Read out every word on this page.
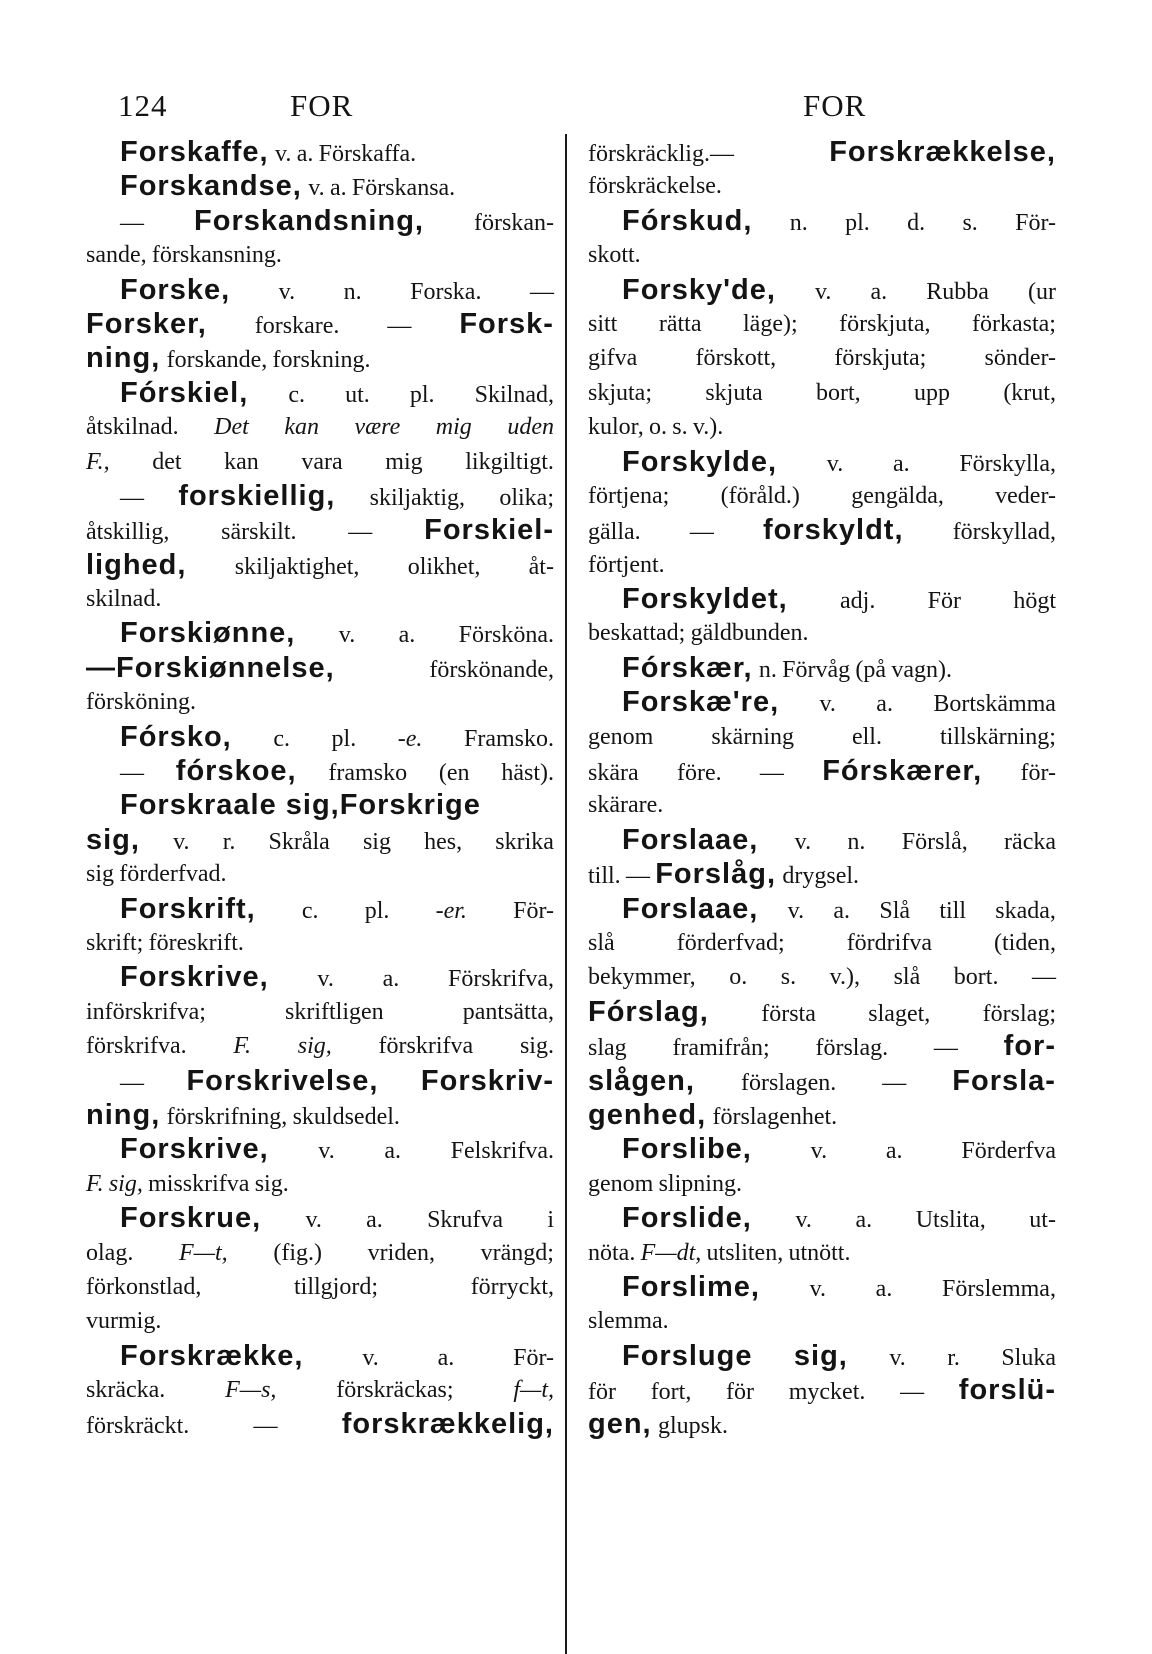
124	FOR	FOR
Forskaffe, v. a. Förskaffa.
Forskandse, v. a. Förskansa.
— Forskandsning, förskan-
sande, förskansning.
Forske, v. n. Forska. —
Forsker, forskare. — Forsk-
ning, forskande, forskning.
Fórskiel, c. ut. pl. Skilnad,
åtskilnad. Det kan være mig uden
F., det kan vara mig likgiltigt.
— forskiellig, skiljaktig, olika;
åtskillig, särskilt. — Forskiel-
lighed, skiljaktighet, olikhet, åt-
skilnad.
Forskiønne, v. a. Försköna.
—Forskiønnelse,	förskönande,
försköning.
Fórsko, c. pl. -e. Framsko.
— fórskoe, framsko (en häst).
Forskraale sig,Forskrige
sig, v. r. Skråla sig hes, skrika
sig förderfvad.
Forskrift, c. pl. -er. För-
skrift; föreskrift.
Forskrive, v. a. Förskrifva,
införskrifva;	skriftligen	pantsätta,
förskrifva. F. sig, förskrifva sig.
— Forskrivelse, Forskriv-
ning, förskrifning, skuldsedel.
Forskrive, v. a. Felskrifva.
F. sig, misskrifva sig.
Forskrue, v. a. Skrufva i
olag. F—t, (fig.) vriden, vrängd;
förkonstlad,	tillgjord;	förryckt,
vurmig.
Forskrække, v. a. För-
skräcka. F—s, förskräckas; f—t,
förskräckt.	— forskrækkelig,
förskräcklig.—	Forskrækkelse,
förskräckelse.
Fórskud, n. pl. d. s. För-
skott.
Forsky'de, v. a. Rubba (ur
sitt rätta läge); förskjuta, förkasta;
gifva förskott, förskjuta; sönder-
skjuta; skjuta bort, upp (krut,
kulor, o. s. v.).
Forskylde, v. a. Förskylla,
förtjena; (föråld.) gengälda, veder-
gälla. — forskyldt, förskyllad,
förtjent.
Forskyldet, adj. För högt
beskattad; gäldbunden.
Fórskær, n. Förvåg (på vagn).
Forskæ're, v. a. Bortskämma
genom skärning ell. tillskärning;
skära före. — Fórskærer, för-
skärare.
Forslaae, v. n. Förslå, räcka
till. — Forslåg, drygsel.
Forslaae, v. a. Slå till skada,
slå	förderfvad;	fördrifva	(tiden,
bekymmer, o. s. v.), slå bort. —
Fórslag, första slaget, förslag;
slag framifrån; förslag. — for-
slågen, förslagen. — Forsla-
genhed, förslagenhet.
Forslibe, v. a. Förderfva
genom slipning.
Forslide, v. a. Utslita, ut-
nöta. F—dt, utsliten, utnött.
Forslime, v. a. Förslemma,
slemma.
Forsluge sig, v. r. Sluka
för fort, för mycket. — forslü-
gen, glupsk.
